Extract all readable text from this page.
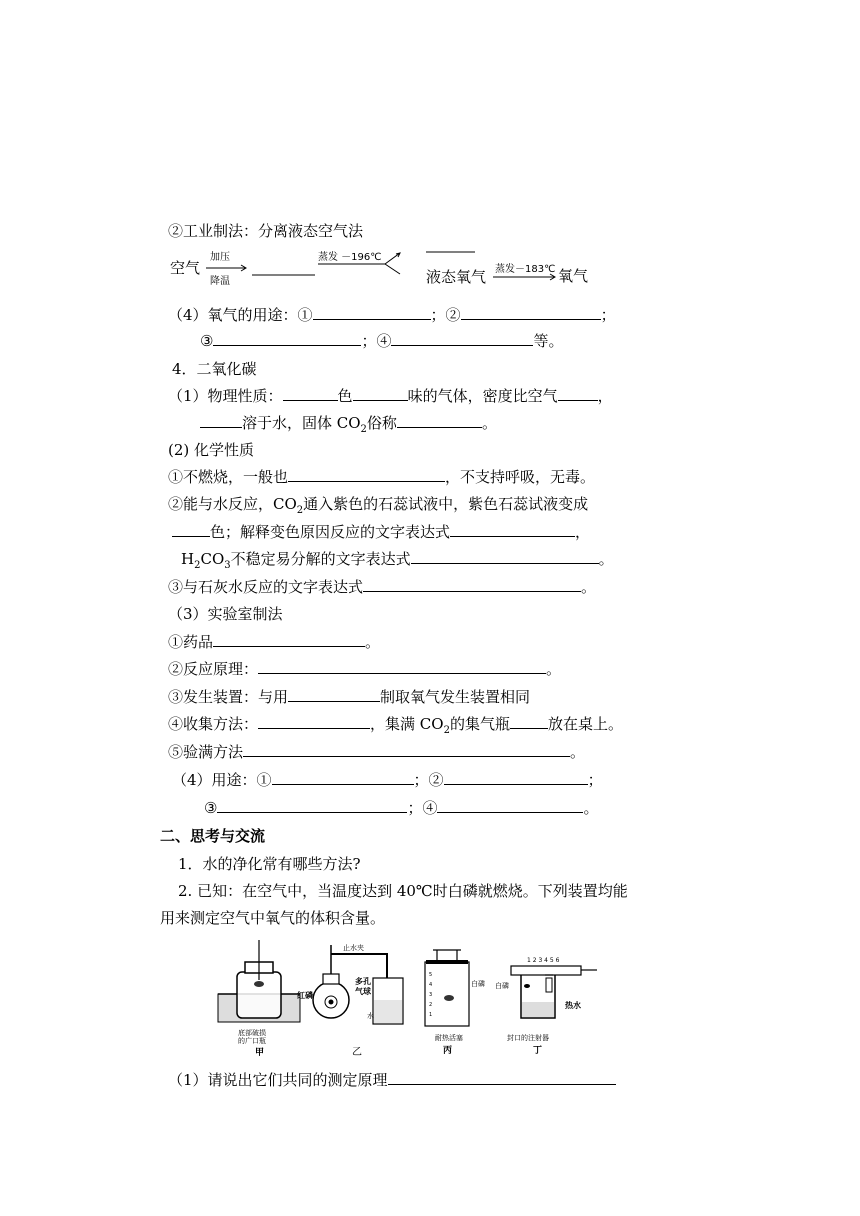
②工业制法：分离液态空气法
空气
加压
降温
蒸发 －196℃
液态氧气 蒸发－183℃ 氧气
（4）氧气的用途：①	；②	；
③	；④	等。
4．二氧化碳
（1）物理性质：	色	味的气体，密度比空气	，
溶于水，固体 $CO_2$俗称	。
(2) 化学性质
①不燃烧，一般也	，不支持呼吸，无毒。
②能与水反应，$CO_2$通入紫色的石蕊试液中，紫色石蕊试液变成
色；解释变色原因反应的文字表达式	，
$H_2CO_3$不稳定易分解的文字表达式	。
③与石灰水反应的文字表达式	。
（3）实验室制法
①药品	。
②反应原理：	。
③发生装置：与用	制取氧气发生装置相同
④收集方法：	，集满 $CO_2$的集气瓶	放在桌上。
⑤验满方法	。
（4）用途：①	；②	；
③	；④	。
二、思考与交流
1．水的净化常有哪些方法?
2. 已知：在空气中，当温度达到 40℃时白磷就燃烧。下列装置均能
用来测定空气中氧气的体积含量。
底部破损
的广口瓶
甲
止水夹
红磷
多孔
气球
水
乙
5
4
3
2
1
白磷
耐热活塞
丙
1 2 3 4 5 6
白磷
热水
封口的注射器
丁
（1）请说出它们共同的测定原理
